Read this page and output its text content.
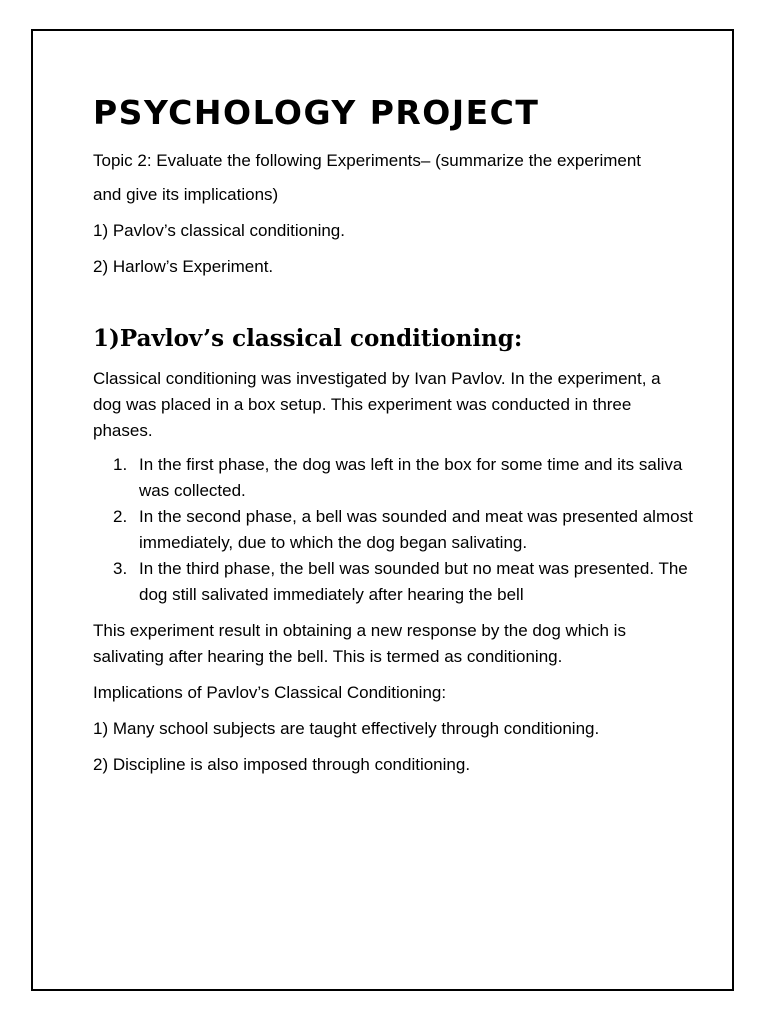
PSYCHOLOGY PROJECT

Topic 2: Evaluate the following Experiments– (summarize the experiment

and give its implications)

1) Pavlov’s classical conditioning.

2) Harlow’s Experiment.

1)Pavlov’s classical conditioning:

Classical conditioning was investigated by Ivan Pavlov. In the experiment, a dog was placed in a box setup. This experiment was conducted in three phases.

1. In the first phase, the dog was left in the box for some time and its saliva was collected.
2. In the second phase, a bell was sounded and meat was presented almost immediately, due to which the dog began salivating.
3. In the third phase, the bell was sounded but no meat was presented. The dog still salivated immediately after hearing the bell

This experiment result in obtaining a new response by the dog which is salivating after hearing the bell. This is termed as conditioning.

Implications of Pavlov’s Classical Conditioning:

1) Many school subjects are taught effectively through conditioning.

2) Discipline is also imposed through conditioning.
